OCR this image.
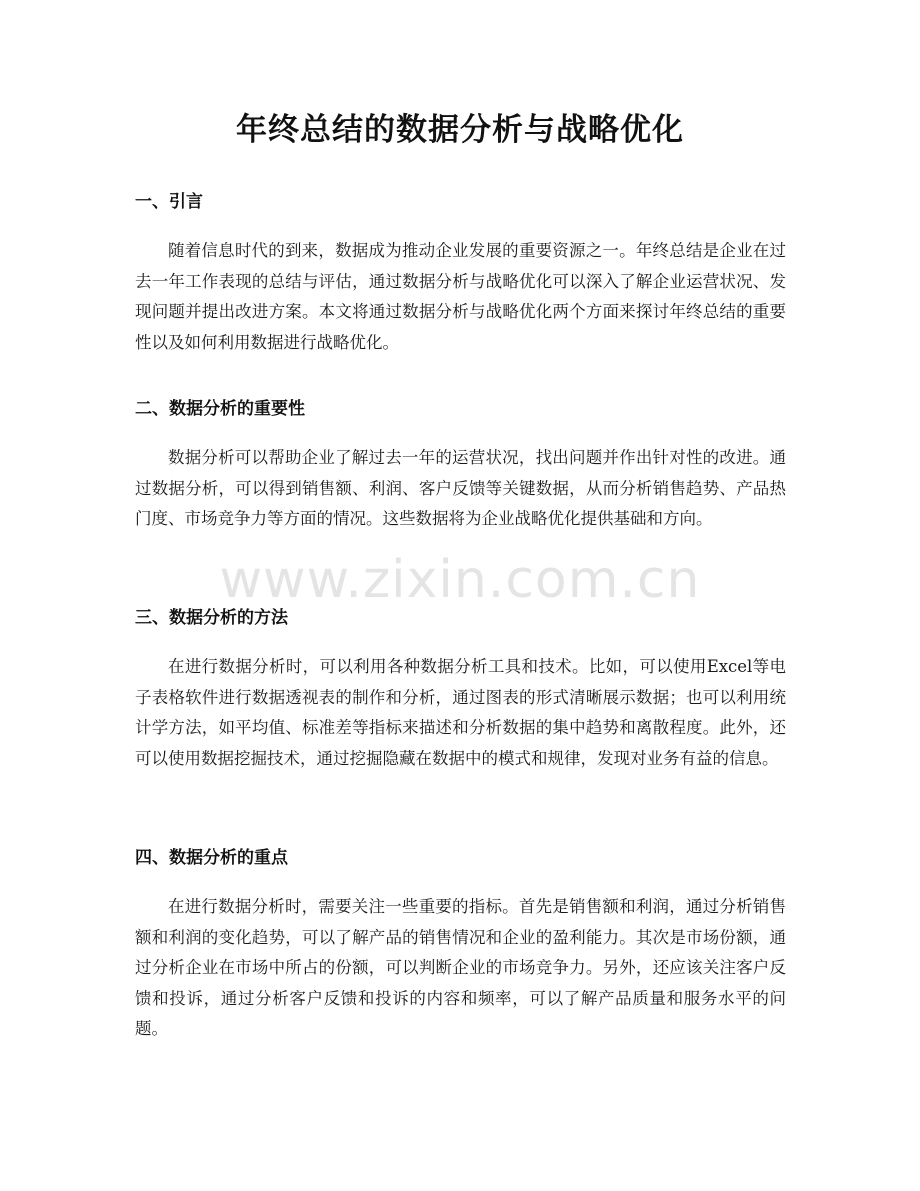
年终总结的数据分析与战略优化
一、引言

随着信息时代的到来，数据成为推动企业发展的重要资源之一。年终总结是企业在过去一年工作表现的总结与评估，通过数据分析与战略优化可以深入了解企业运营状况、发现问题并提出改进方案。本文将通过数据分析与战略优化两个方面来探讨年终总结的重要性以及如何利用数据进行战略优化。

二、数据分析的重要性

数据分析可以帮助企业了解过去一年的运营状况，找出问题并作出针对性的改进。通过数据分析，可以得到销售额、利润、客户反馈等关键数据，从而分析销售趋势、产品热门度、市场竞争力等方面的情况。这些数据将为企业战略优化提供基础和方向。

三、数据分析的方法

在进行数据分析时，可以利用各种数据分析工具和技术。比如，可以使用Excel等电子表格软件进行数据透视表的制作和分析，通过图表的形式清晰展示数据；也可以利用统计学方法，如平均值、标准差等指标来描述和分析数据的集中趋势和离散程度。此外，还可以使用数据挖掘技术，通过挖掘隐藏在数据中的模式和规律，发现对业务有益的信息。

四、数据分析的重点

在进行数据分析时，需要关注一些重要的指标。首先是销售额和利润，通过分析销售额和利润的变化趋势，可以了解产品的销售情况和企业的盈利能力。其次是市场份额，通过分析企业在市场中所占的份额，可以判断企业的市场竞争力。另外，还应该关注客户反馈和投诉，通过分析客户反馈和投诉的内容和频率，可以了解产品质量和服务水平的问题。

www.zixin.com.cn
